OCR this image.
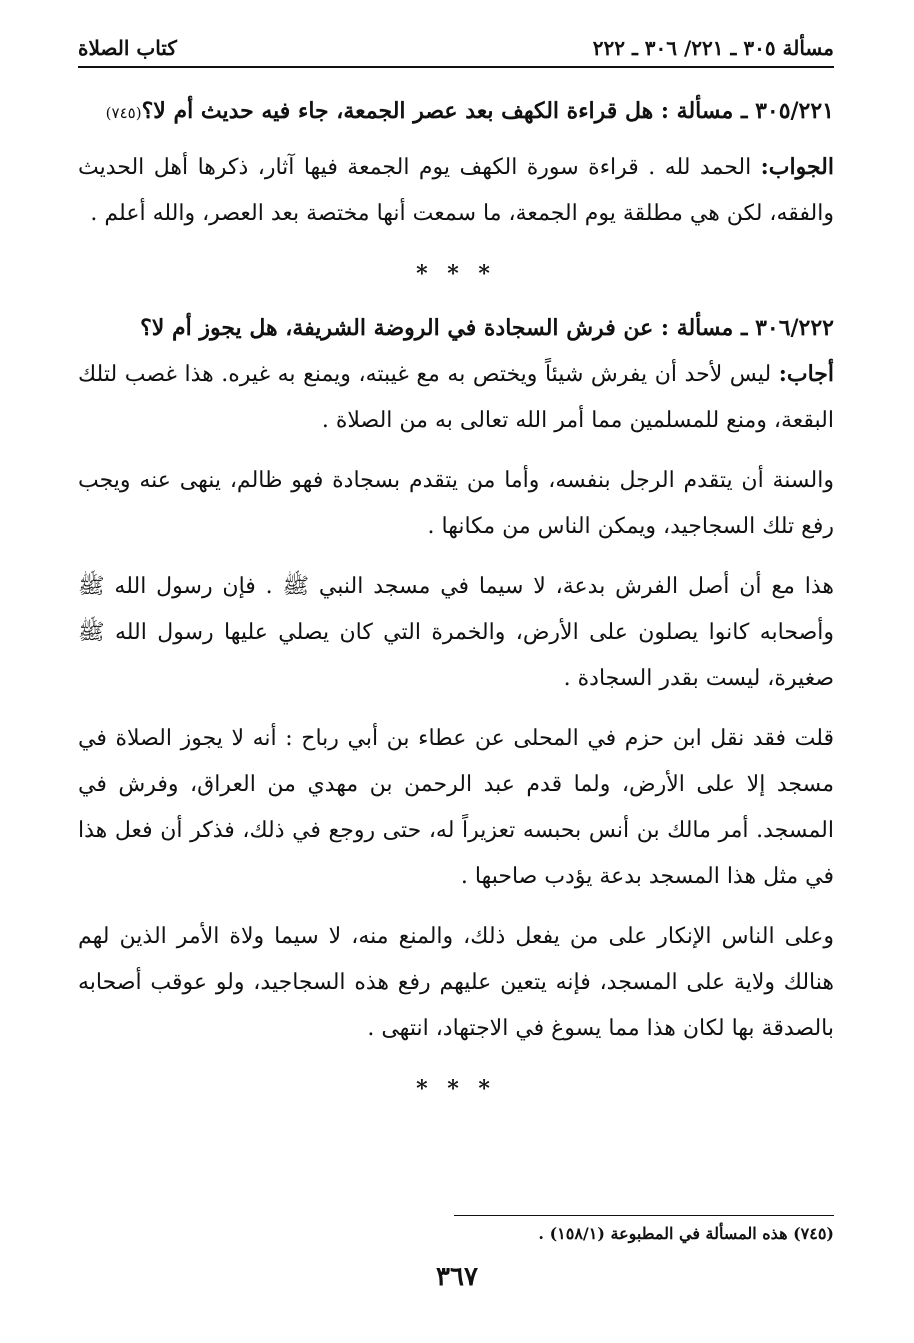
مسألة ٣٠٥ ـ ٢٢١/ ٣٠٦ ـ ٢٢٢
كتاب الصلاة

٣٠٥/٢٢١ ـ مسألة : هل قراءة الكهف بعد عصر الجمعة، جاء فيه حديث أم لا؟(٧٤٥)

الجواب: الحمد لله . قراءة سورة الكهف يوم الجمعة فيها آثار، ذكرها أهل الحديث والفقه، لكن هي مطلقة يوم الجمعة، ما سمعت أنها مختصة بعد العصر، والله أعلم .

* * *

٣٠٦/٢٢٢ ـ مسألة : عن فرش السجادة في الروضة الشريفة، هل يجوز أم لا؟

أجاب: ليس لأحد أن يفرش شيئاً ويختص به مع غيبته، ويمنع به غيره. هذا غصب لتلك البقعة، ومنع للمسلمين مما أمر الله تعالى به من الصلاة .

والسنة أن يتقدم الرجل بنفسه، وأما من يتقدم بسجادة فهو ظالم، ينهى عنه ويجب رفع تلك السجاجيد، ويمكن الناس من مكانها .

هذا مع أن أصل الفرش بدعة، لا سيما في مسجد النبي ﷺ . فإن رسول الله ﷺ وأصحابه كانوا يصلون على الأرض، والخمرة التي كان يصلي عليها رسول الله ﷺ صغيرة، ليست بقدر السجادة .

قلت فقد نقل ابن حزم في المحلى عن عطاء بن أبي رباح : أنه لا يجوز الصلاة في مسجد إلا على الأرض، ولما قدم عبد الرحمن بن مهدي من العراق، وفرش في المسجد. أمر مالك بن أنس بحبسه تعزيراً له، حتى روجع في ذلك، فذكر أن فعل هذا في مثل هذا المسجد بدعة يؤدب صاحبها .

وعلى الناس الإنكار على من يفعل ذلك، والمنع منه، لا سيما ولاة الأمر الذين لهم هنالك ولاية على المسجد، فإنه يتعين عليهم رفع هذه السجاجيد، ولو عوقب أصحابه بالصدقة بها لكان هذا مما يسوغ في الاجتهاد، انتهى .

* * *
(٧٤٥) هذه المسألة في المطبوعة (١٥٨/١) .
٣٦٧
